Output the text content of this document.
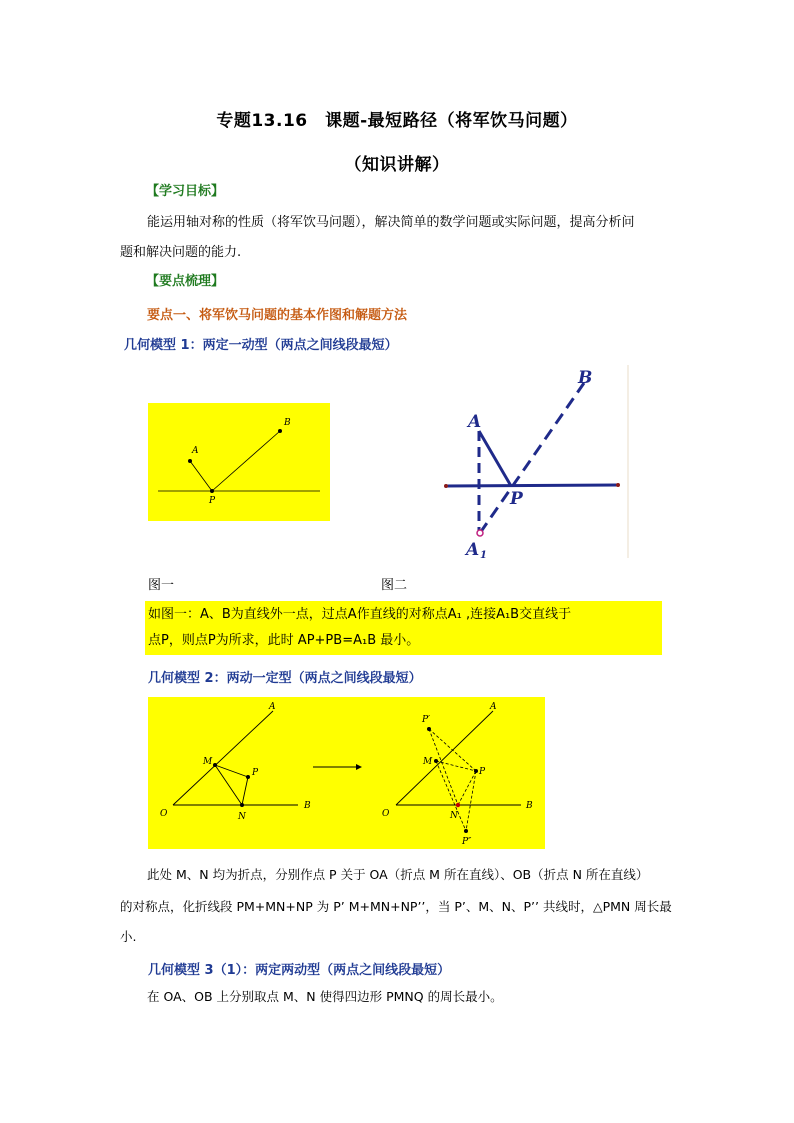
专题13.16　课题-最短路径（将军饮马问题）
（知识讲解）
【学习目标】
能运用轴对称的性质（将军饮马问题），解决简单的数学问题或实际问题，提高分析问
题和解决问题的能力.
【要点梳理】
要点一、将军饮马问题的基本作图和解题方法
几何模型 1：两定一动型（两点之间线段最短）
A
B
P
A
B
P
A 1
图一	图二
如图一：A、B为直线外一点，过点A作直线的对称点A₁ ,连接A₁B交直线于
点P，则点P为所求，此时 AP+PB=A₁B 最小。
几何模型 2：两动一定型（两点之间线段最短）
A
B
O
M
P
N
A
B
O
M
P
N
P′
P″
此处 M、N 均为折点，分别作点 P 关于 OA（折点 M 所在直线）、OB（折点 N 所在直线）
的对称点，化折线段 PM+MN+NP 为 P’ M+MN+NP’’，当 P’、M、N、P’’ 共线时，△PMN 周长最
小.
几何模型 3（1）：两定两动型（两点之间线段最短）
在 OA、OB 上分别取点 M、N 使得四边形 PMNQ 的周长最小。
